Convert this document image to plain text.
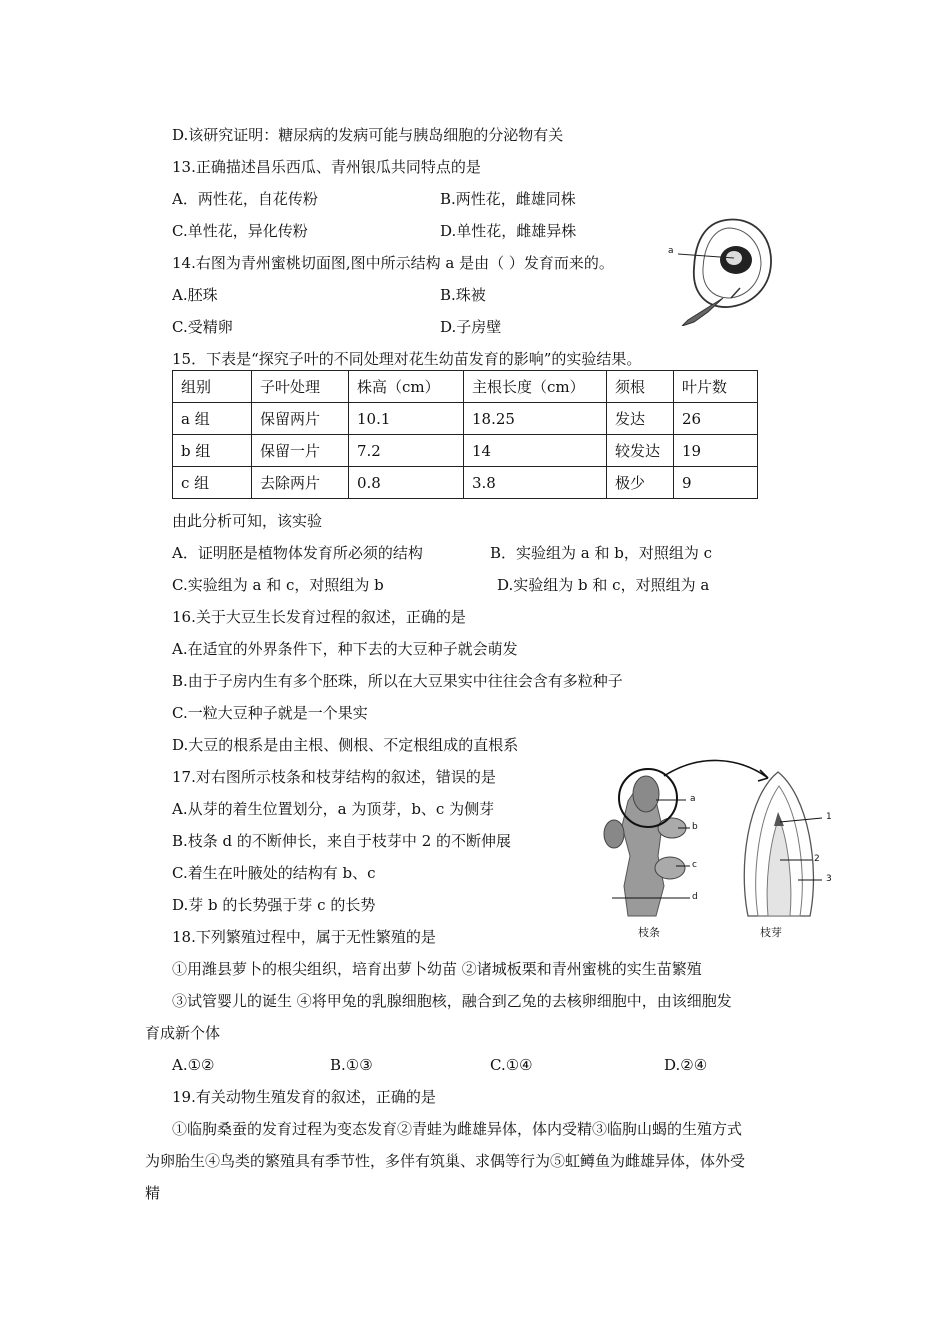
D.该研究证明：糖尿病的发病可能与胰岛细胞的分泌物有关
13.正确描述昌乐西瓜、青州银瓜共同特点的是
A．两性花，自花传粉	B.两性花，雌雄同株
C.单性花，异化传粉	D.单性花，雌雄异株
14.右图为青州蜜桃切面图,图中所示结构 a 是由（ ）发育而来的。
A.胚珠	B.珠被
C.受精卵	D.子房壁
a
15．下表是“探究子叶的不同处理对花生幼苗发育的影响”的实验结果。
组别	子叶处理	株高（cm）	主根长度（cm）	须根	叶片数
a 组	保留两片	10.1	18.25	发达	26
b 组	保留一片	7.2	14	较发达	19
c 组	去除两片	0.8	3.8	极少	9
由此分析可知，该实验
A．证明胚是植物体发育所必须的结构	B．实验组为 a 和 b，对照组为 c
C.实验组为 a 和 c，对照组为 b	D.实验组为 b 和 c，对照组为 a
16.关于大豆生长发育过程的叙述，正确的是
A.在适宜的外界条件下，种下去的大豆种子就会萌发
B.由于子房内生有多个胚珠，所以在大豆果实中往往会含有多粒种子
C.一粒大豆种子就是一个果实
D.大豆的根系是由主根、侧根、不定根组成的直根系
17.对右图所示枝条和枝芽结构的叙述，错误的是
A.从芽的着生位置划分，a 为顶芽，b、c 为侧芽
B.枝条 d 的不断伸长，来自于枝芽中 2 的不断伸展
C.着生在叶腋处的结构有 b、c
D.芽 b 的长势强于芽 c 的长势
a
b
c
d
1
2
3
枝条	枝芽
18.下列繁殖过程中，属于无性繁殖的是
①用潍县萝卜的根尖组织，培育出萝卜幼苗 ②诸城板栗和青州蜜桃的实生苗繁殖
③试管婴儿的诞生 ④将甲兔的乳腺细胞核，融合到乙兔的去核卵细胞中，由该细胞发
育成新个体
A.①②	B.①③	C.①④	D.②④
19.有关动物生殖发育的叙述，正确的是
①临朐桑蚕的发育过程为变态发育②青蛙为雌雄异体，体内受精③临朐山蝎的生殖方式
为卵胎生④鸟类的繁殖具有季节性，多伴有筑巢、求偶等行为⑤虹鳟鱼为雌雄异体，体外受
精
